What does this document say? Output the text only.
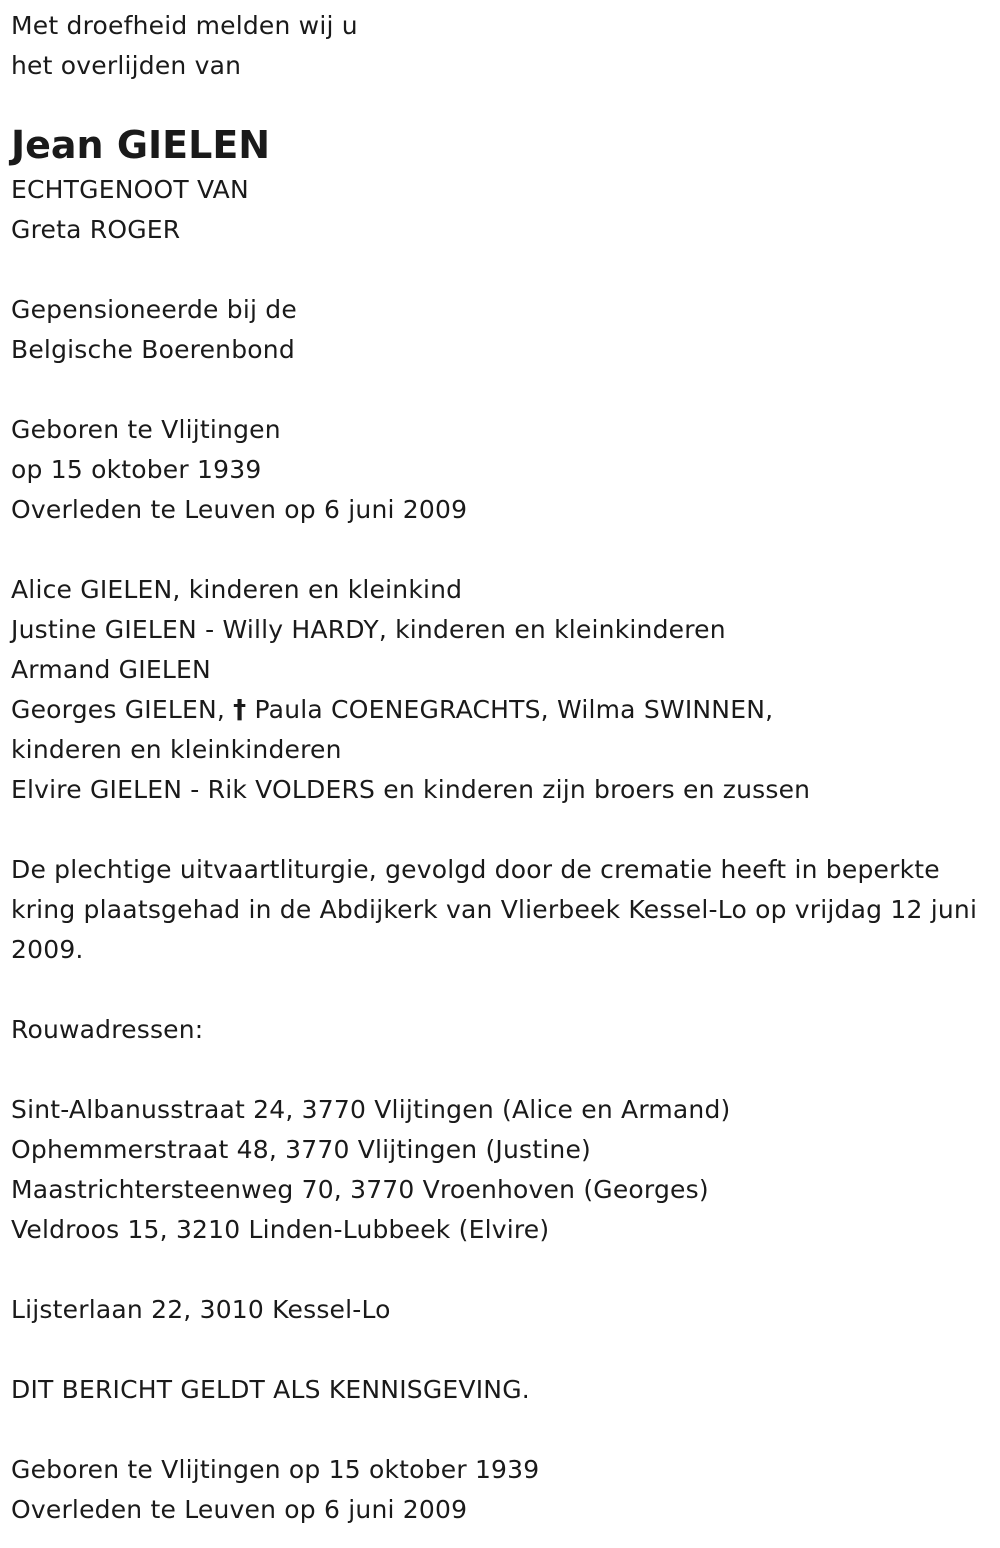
Met droefheid melden wij u

het overlijden van

Jean GIELEN

ECHTGENOOT VAN

Greta ROGER

Gepensioneerde bij de

Belgische Boerenbond

Geboren te Vlijtingen

op 15 oktober 1939

Overleden te Leuven op 6 juni 2009

Alice GIELEN, kinderen en kleinkind

Justine GIELEN - Willy HARDY, kinderen en kleinkinderen

Armand GIELEN

Georges GIELEN, † Paula COENEGRACHTS, Wilma SWINNEN,

kinderen en kleinkinderen

Elvire GIELEN - Rik VOLDERS en kinderen zijn broers en zussen

De plechtige uitvaartliturgie, gevolgd door de crematie heeft in beperkte kring plaatsgehad in de Abdijkerk van Vlierbeek Kessel-Lo op vrijdag 12 juni 2009.

Rouwadressen:

Sint-Albanusstraat 24, 3770 Vlijtingen (Alice en Armand)

Ophemmerstraat 48, 3770 Vlijtingen (Justine)

Maastrichtersteenweg 70, 3770 Vroenhoven (Georges)

Veldroos 15, 3210 Linden-Lubbeek (Elvire)

Lijsterlaan 22, 3010 Kessel-Lo

DIT BERICHT GELDT ALS KENNISGEVING.

Geboren te Vlijtingen op 15 oktober 1939

Overleden te Leuven op 6 juni 2009
